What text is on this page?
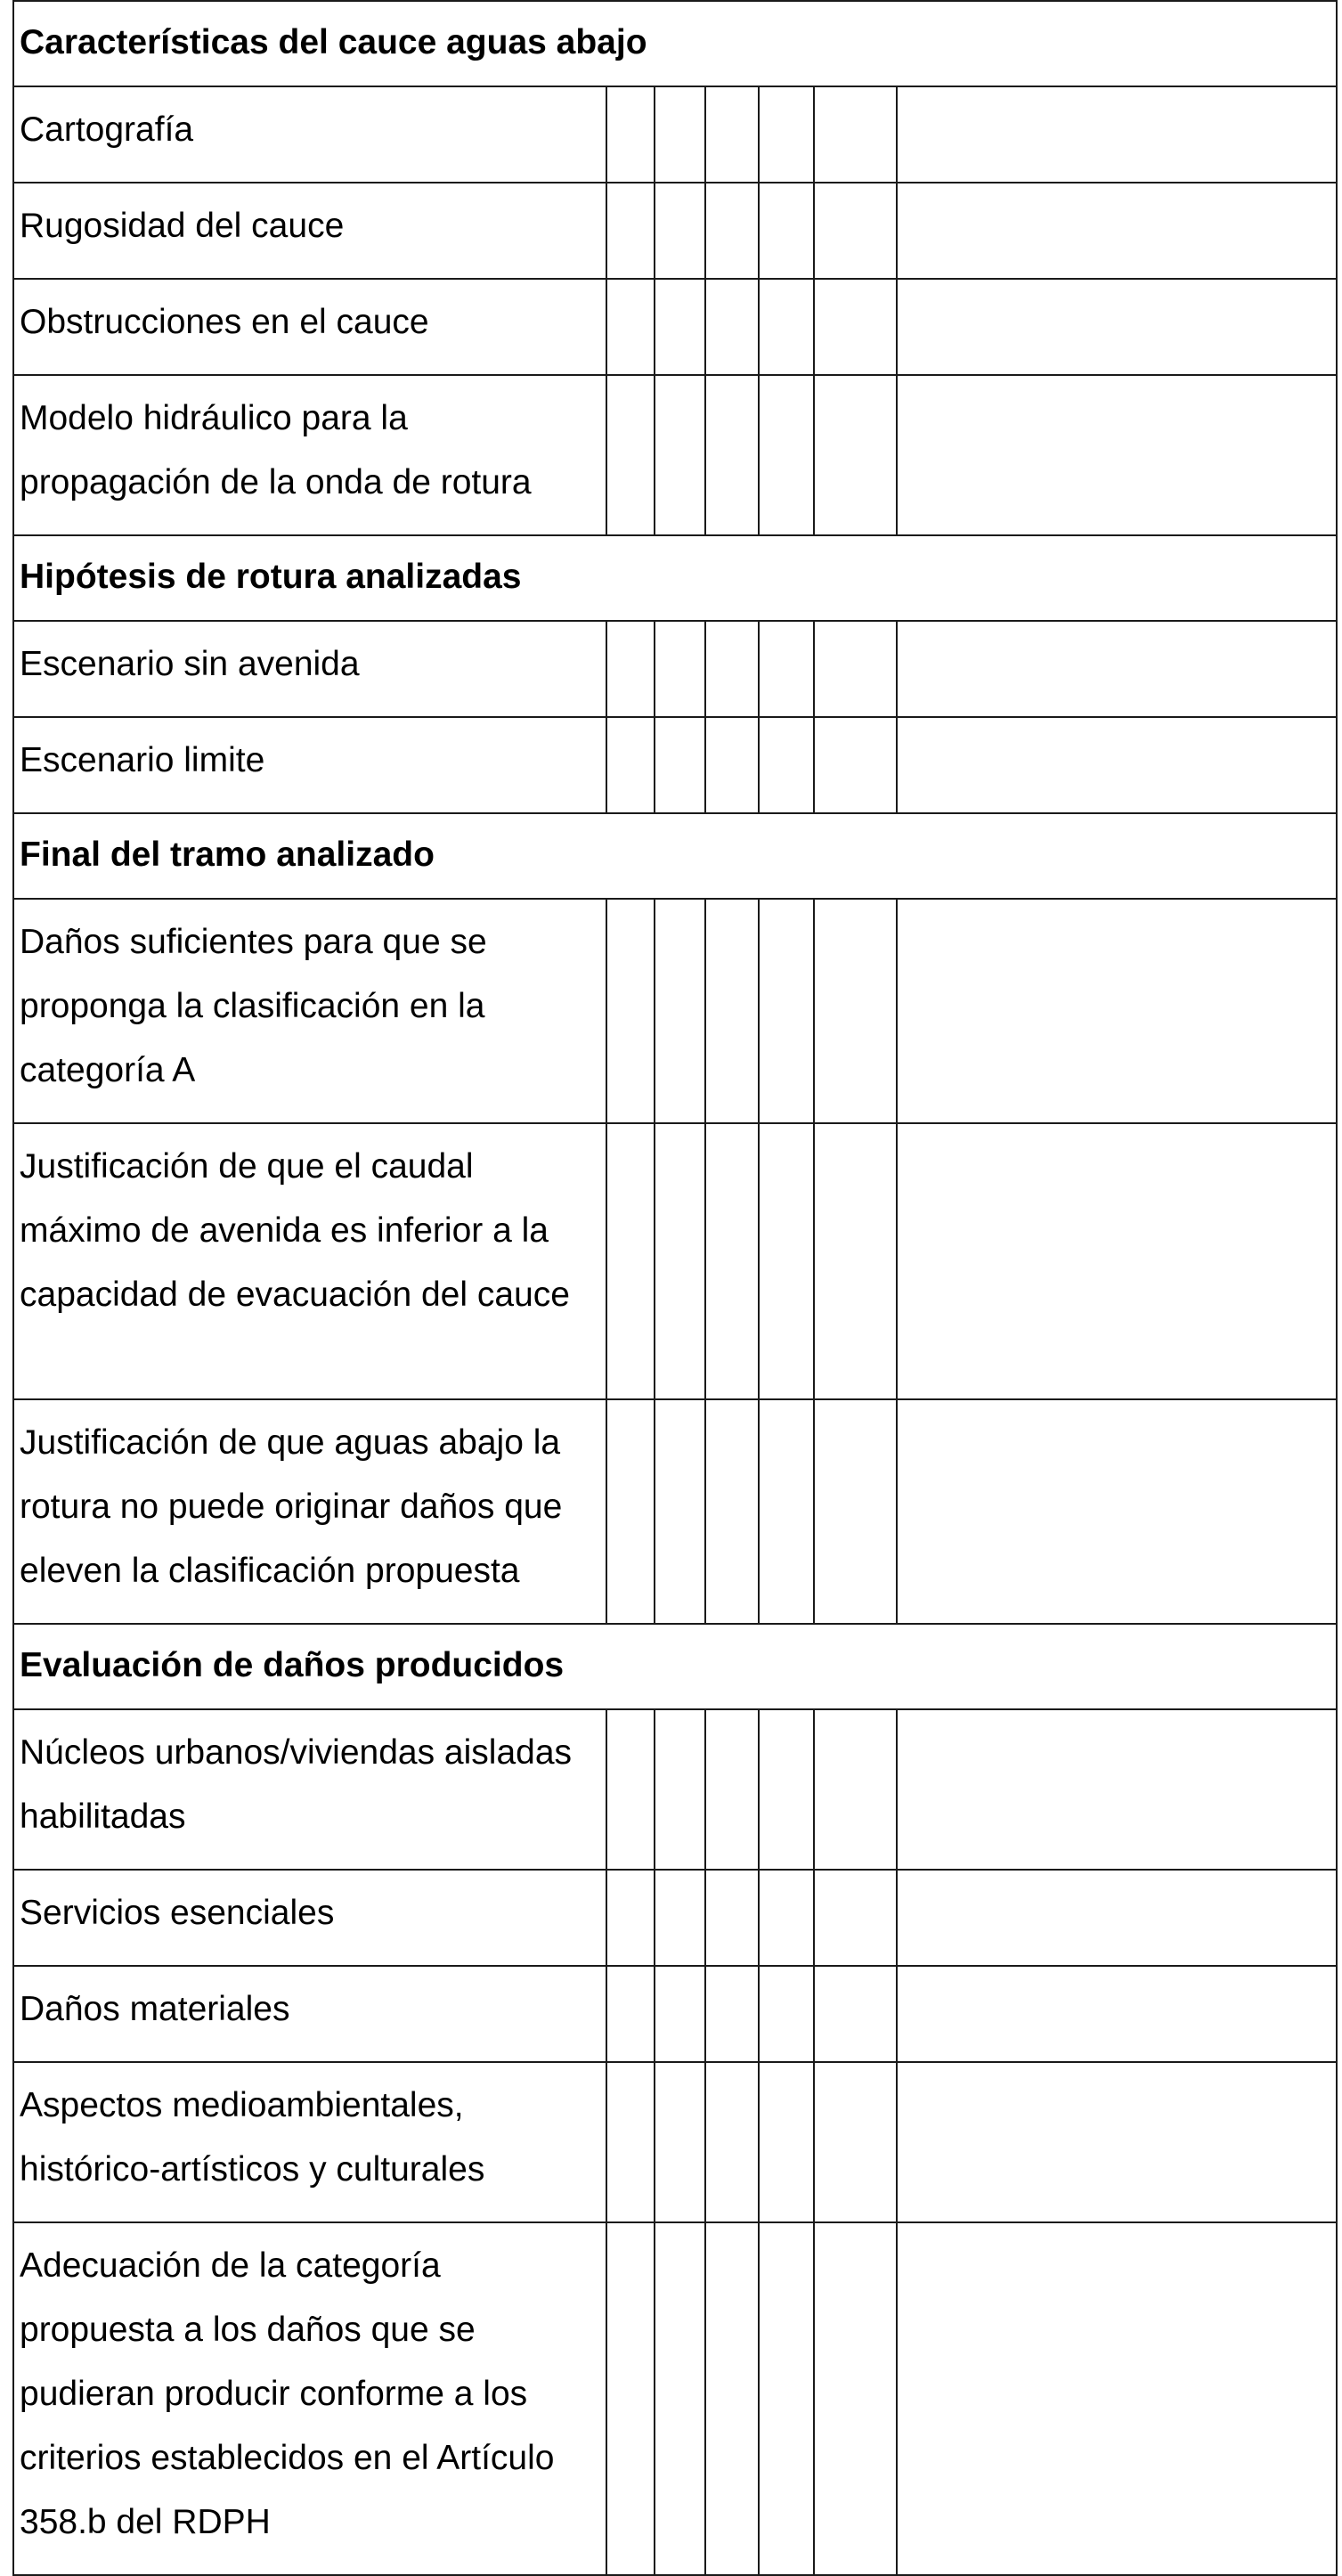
Características del cauce aguas abajo						

Cartografía						

Rugosidad del cauce						

Obstrucciones en el cauce						

Modelo hidráulico para la propagación de la onda de rotura						

Hipótesis de rotura analizadas						

Escenario sin avenida						

Escenario limite						

Final del tramo analizado						

Daños suficientes para que se proponga la clasificación en la categoría A						

Justificación de que el caudal máximo de avenida es inferior a la capacidad de evacuación del cauce						

Justificación de que aguas abajo la rotura no puede originar daños que eleven la clasificación propuesta						

Evaluación de daños producidos						

Núcleos urbanos/viviendas aisladas habilitadas						

Servicios esenciales						

Daños materiales						

Aspectos medioambientales, histórico-artísticos y culturales						

Adecuación de la categoría propuesta a los daños que se pudieran producir conforme a los criterios establecidos en el Artículo 358.b del RDPH						
